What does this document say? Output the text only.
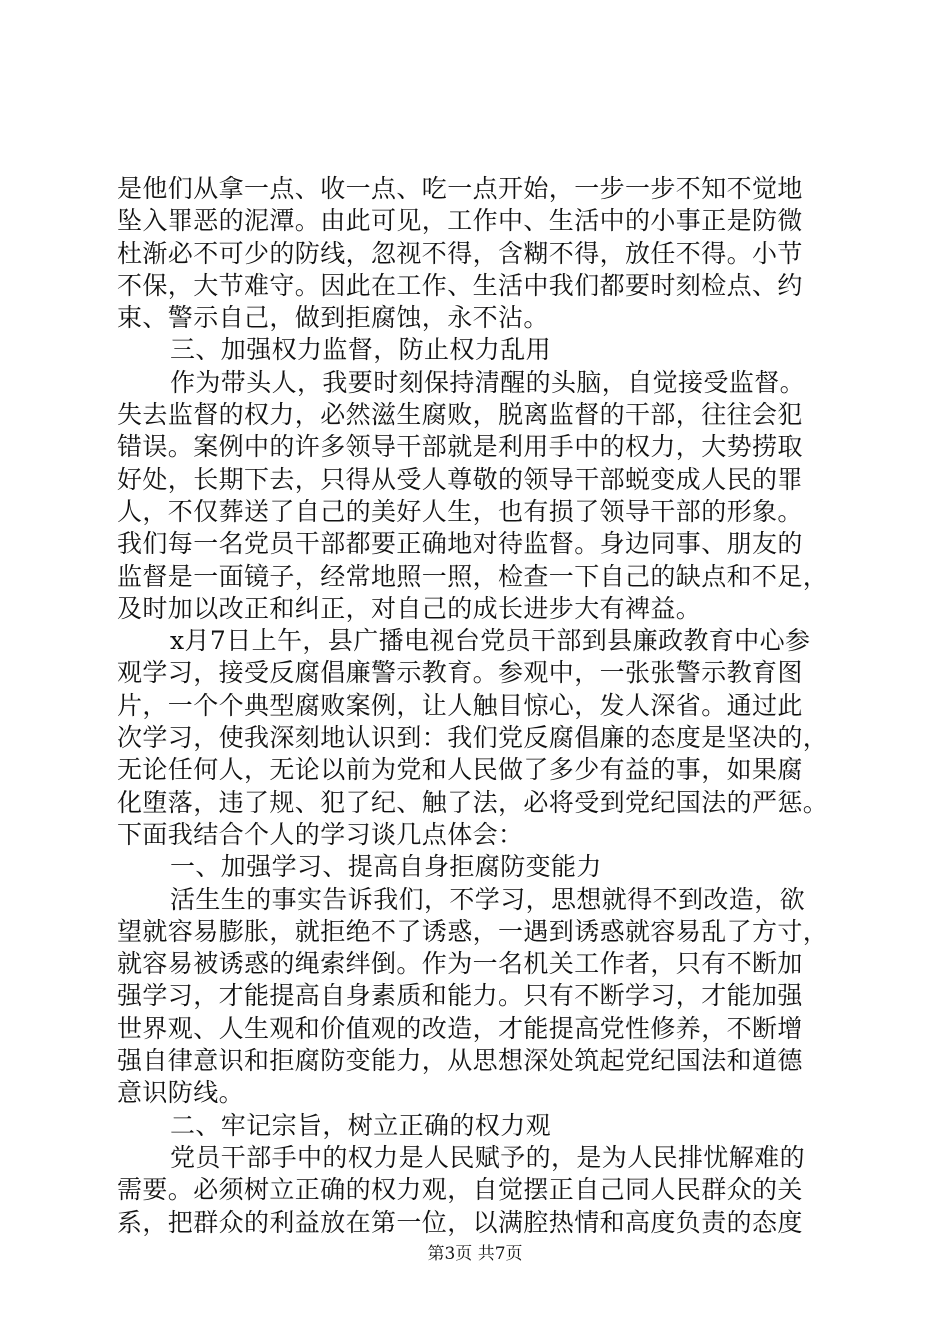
是他们从拿一点、收一点、吃一点开始，一步一步不知不觉地
坠入罪恶的泥潭。由此可见，工作中、生活中的小事正是防微
杜渐必不可少的防线，忽视不得，含糊不得，放任不得。小节
不保，大节难守。因此在工作、生活中我们都要时刻检点、约
束、警示自己，做到拒腐蚀，永不沾。
三、加强权力监督，防止权力乱用
作为带头人，我要时刻保持清醒的头脑，自觉接受监督。
失去监督的权力，必然滋生腐败，脱离监督的干部，往往会犯
错误。案例中的许多领导干部就是利用手中的权力，大势捞取
好处，长期下去，只得从受人尊敬的领导干部蜕变成人民的罪
人，不仅葬送了自己的美好人生，也有损了领导干部的形象。
我们每一名党员干部都要正确地对待监督。身边同事、朋友的
监督是一面镜子，经常地照一照，检查一下自己的缺点和不足，
及时加以改正和纠正，对自己的成长进步大有裨益。
x月7日上午，县广播电视台党员干部到县廉政教育中心参
观学习，接受反腐倡廉警示教育。参观中，一张张警示教育图
片，一个个典型腐败案例，让人触目惊心，发人深省。通过此
次学习，使我深刻地认识到：我们党反腐倡廉的态度是坚决的，
无论任何人，无论以前为党和人民做了多少有益的事，如果腐
化堕落，违了规、犯了纪、触了法，必将受到党纪国法的严惩。
下面我结合个人的学习谈几点体会：
一、加强学习、提高自身拒腐防变能力
活生生的事实告诉我们，不学习，思想就得不到改造，欲
望就容易膨胀，就拒绝不了诱惑，一遇到诱惑就容易乱了方寸，
就容易被诱惑的绳索绊倒。作为一名机关工作者，只有不断加
强学习，才能提高自身素质和能力。只有不断学习，才能加强
世界观、人生观和价值观的改造，才能提高党性修养，不断增
强自律意识和拒腐防变能力，从思想深处筑起党纪国法和道德
意识防线。
二、牢记宗旨，树立正确的权力观
党员干部手中的权力是人民赋予的，是为人民排忧解难的
需要。必须树立正确的权力观，自觉摆正自己同人民群众的关
系，把群众的利益放在第一位，以满腔热情和高度负责的态度
第3页 共7页
